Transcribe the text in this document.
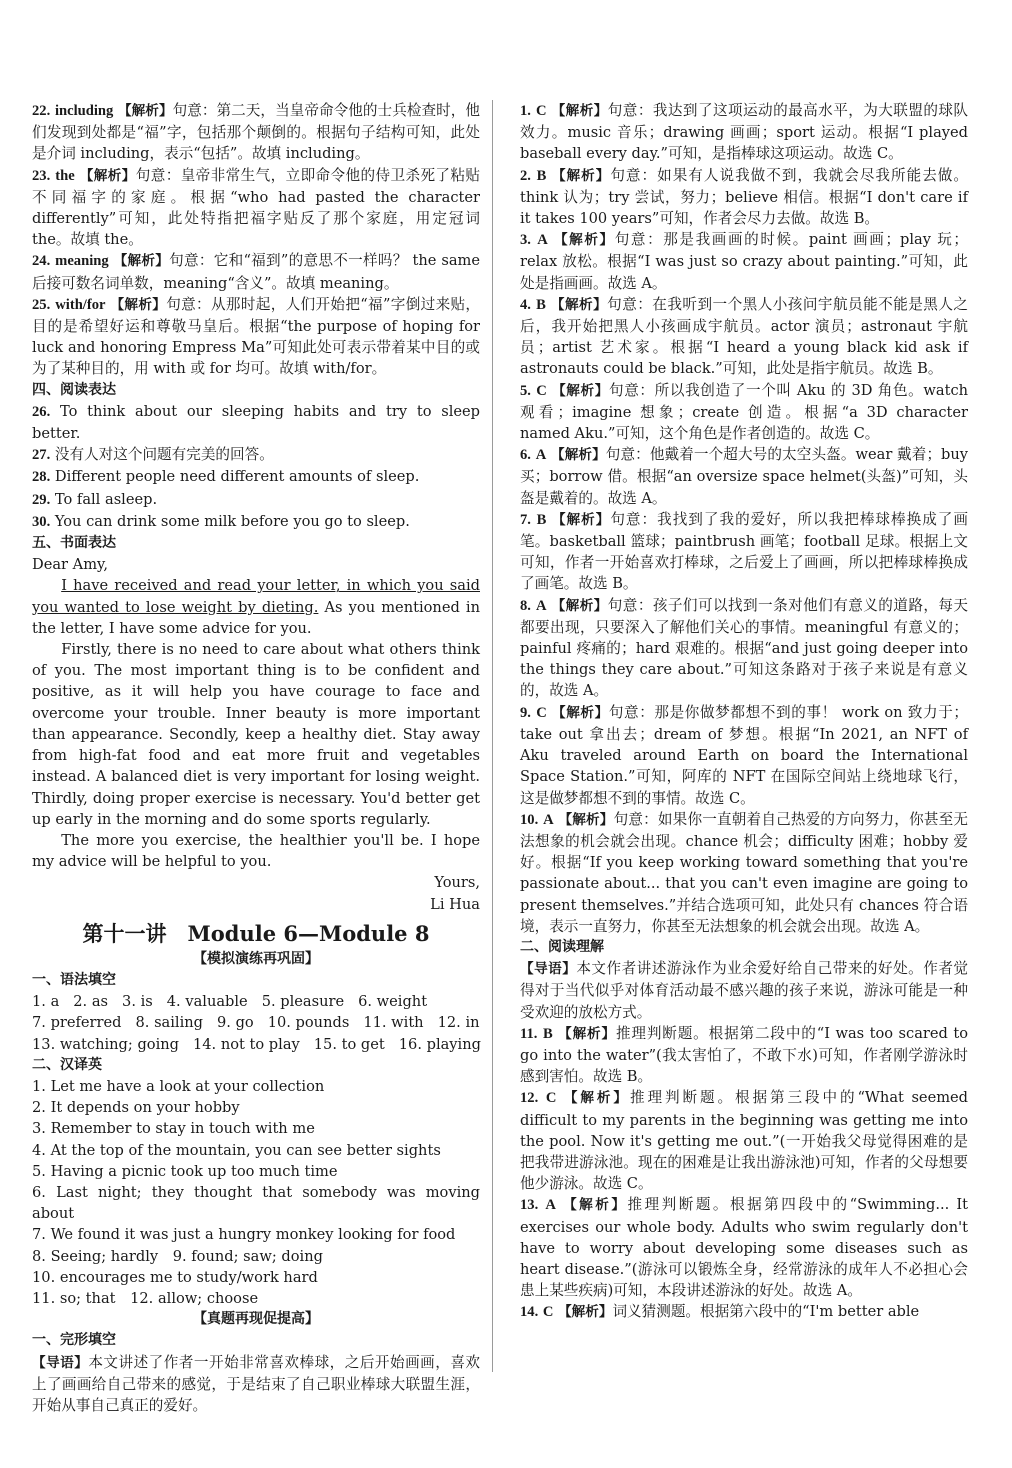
22. including 【解析】句意：第二天，当皇帝命令他的士兵检查时，他们发现到处都是“福”字，包括那个颠倒的。根据句子结构可知，此处是介词 including，表示“包括”。故填 including。

23. the 【解析】句意：皇帝非常生气，立即命令他的侍卫杀死了粘贴不同福字的家庭。根据“who had pasted the character differently”可知，此处特指把福字贴反了那个家庭，用定冠词 the。故填 the。

24. meaning 【解析】句意：它和“福到”的意思不一样吗？ the same 后接可数名词单数，meaning“含义”。故填 meaning。

25. with/for 【解析】句意：从那时起，人们开始把“福”字倒过来贴，目的是希望好运和尊敬马皇后。根据“the purpose of hoping for luck and honoring Empress Ma”可知此处可表示带着某中目的或为了某种目的，用 with 或 for 均可。故填 with/for。

四、阅读表达

26. To think about our sleeping habits and try to sleep better.

27. 没有人对这个问题有完美的回答。

28. Different people need different amounts of sleep.

29. To fall asleep.

30. You can drink some milk before you go to sleep.

五、书面表达

Dear Amy,

I have received and read your letter, in which you said you wanted to lose weight by dieting. As you mentioned in the letter, I have some advice for you.

Firstly, there is no need to care about what others think of you. The most important thing is to be confident and positive, as it will help you have courage to face and overcome your trouble. Inner beauty is more important than appearance. Secondly, keep a healthy diet. Stay away from high-fat food and eat more fruit and vegetables instead. A balanced diet is very important for losing weight. Thirdly, doing proper exercise is necessary. You'd better get up early in the morning and do some sports regularly.

The more you exercise, the healthier you'll be. I hope my advice will be helpful to you.

Yours,

Li Hua

第十一讲　Module 6—Module 8

【模拟演练再巩固】

一、语法填空

1. a 2. as 3. is 4. valuable 5. pleasure 6. weight
7. preferred 8. sailing 9. go 10. pounds 11. with 12. in
13. watching; going 14. not to play 15. to get 16. playing

二、汉译英

1. Let me have a look at your collection

2. It depends on your hobby

3. Remember to stay in touch with me

4. At the top of the mountain, you can see better sights

5. Having a picnic took up too much time

6. Last night; they thought that somebody was moving about

7. We found it was just a hungry monkey looking for food

8. Seeing; hardly　9. found; saw; doing

10. encourages me to study/work hard

11. so; that　12. allow; choose

【真题再现促提高】

一、完形填空

【导语】本文讲述了作者一开始非常喜欢棒球，之后开始画画，喜欢上了画画给自己带来的感觉，于是结束了自己职业棒球大联盟生涯，开始从事自己真正的爱好。

1. C 【解析】句意：我达到了这项运动的最高水平，为大联盟的球队效力。music 音乐；drawing 画画；sport 运动。根据“I played baseball every day.”可知，是指棒球这项运动。故选 C。

2. B 【解析】句意：如果有人说我做不到，我就会尽我所能去做。think 认为；try 尝试，努力；believe 相信。根据“I don't care if it takes 100 years”可知，作者会尽力去做。故选 B。

3. A 【解析】句意：那是我画画的时候。paint 画画；play 玩；relax 放松。根据“I was just so crazy about painting.”可知，此处是指画画。故选 A。

4. B 【解析】句意：在我听到一个黑人小孩问宇航员能不能是黑人之后，我开始把黑人小孩画成宇航员。actor 演员；astronaut 宇航员；artist 艺术家。根据“I heard a young black kid ask if astronauts could be black.”可知，此处是指宇航员。故选 B。

5. C 【解析】句意：所以我创造了一个叫 Aku 的 3D 角色。watch 观看；imagine 想象；create 创造。根据“a 3D character named Aku.”可知，这个角色是作者创造的。故选 C。

6. A 【解析】句意：他戴着一个超大号的太空头盔。wear 戴着；buy 买；borrow 借。根据“an oversize space helmet(头盔)”可知，头盔是戴着的。故选 A。

7. B 【解析】句意：我找到了我的爱好，所以我把棒球棒换成了画笔。basketball 篮球；paintbrush 画笔；football 足球。根据上文可知，作者一开始喜欢打棒球，之后爱上了画画，所以把棒球棒换成了画笔。故选 B。

8. A 【解析】句意：孩子们可以找到一条对他们有意义的道路，每天都要出现，只要深入了解他们关心的事情。meaningful 有意义的；painful 疼痛的；hard 艰难的。根据“and just going deeper into the things they care about.”可知这条路对于孩子来说是有意义的，故选 A。

9. C 【解析】句意：那是你做梦都想不到的事！ work on 致力于；take out 拿出去；dream of 梦想。根据“In 2021, an NFT of Aku traveled around Earth on board the International Space Station.”可知，阿库的 NFT 在国际空间站上绕地球飞行，这是做梦都想不到的事情。故选 C。

10. A 【解析】句意：如果你一直朝着自己热爱的方向努力，你甚至无法想象的机会就会出现。chance 机会；difficulty 困难；hobby 爱好。根据“If you keep working toward something that you're passionate about... that you can't even imagine are going to present themselves.”并结合选项可知，此处只有 chances 符合语境，表示一直努力，你甚至无法想象的机会就会出现。故选 A。

二、阅读理解

【导语】本文作者讲述游泳作为业余爱好给自己带来的好处。作者觉得对于当代似乎对体育活动最不感兴趣的孩子来说，游泳可能是一种受欢迎的放松方式。

11. B 【解析】推理判断题。根据第二段中的“I was too scared to go into the water”(我太害怕了，不敢下水)可知，作者刚学游泳时感到害怕。故选 B。

12. C 【解析】推理判断题。根据第三段中的“What seemed difficult to my parents in the beginning was getting me into the pool. Now it's getting me out.”(一开始我父母觉得困难的是把我带进游泳池。现在的困难是让我出游泳池)可知，作者的父母想要他少游泳。故选 C。

13. A 【解析】推理判断题。根据第四段中的“Swimming... It exercises our whole body. Adults who swim regularly don't have to worry about developing some diseases such as heart disease.”(游泳可以锻炼全身，经常游泳的成年人不必担心会患上某些疾病)可知，本段讲述游泳的好处。故选 A。

14. C 【解析】词义猜测题。根据第六段中的“I'm better able
